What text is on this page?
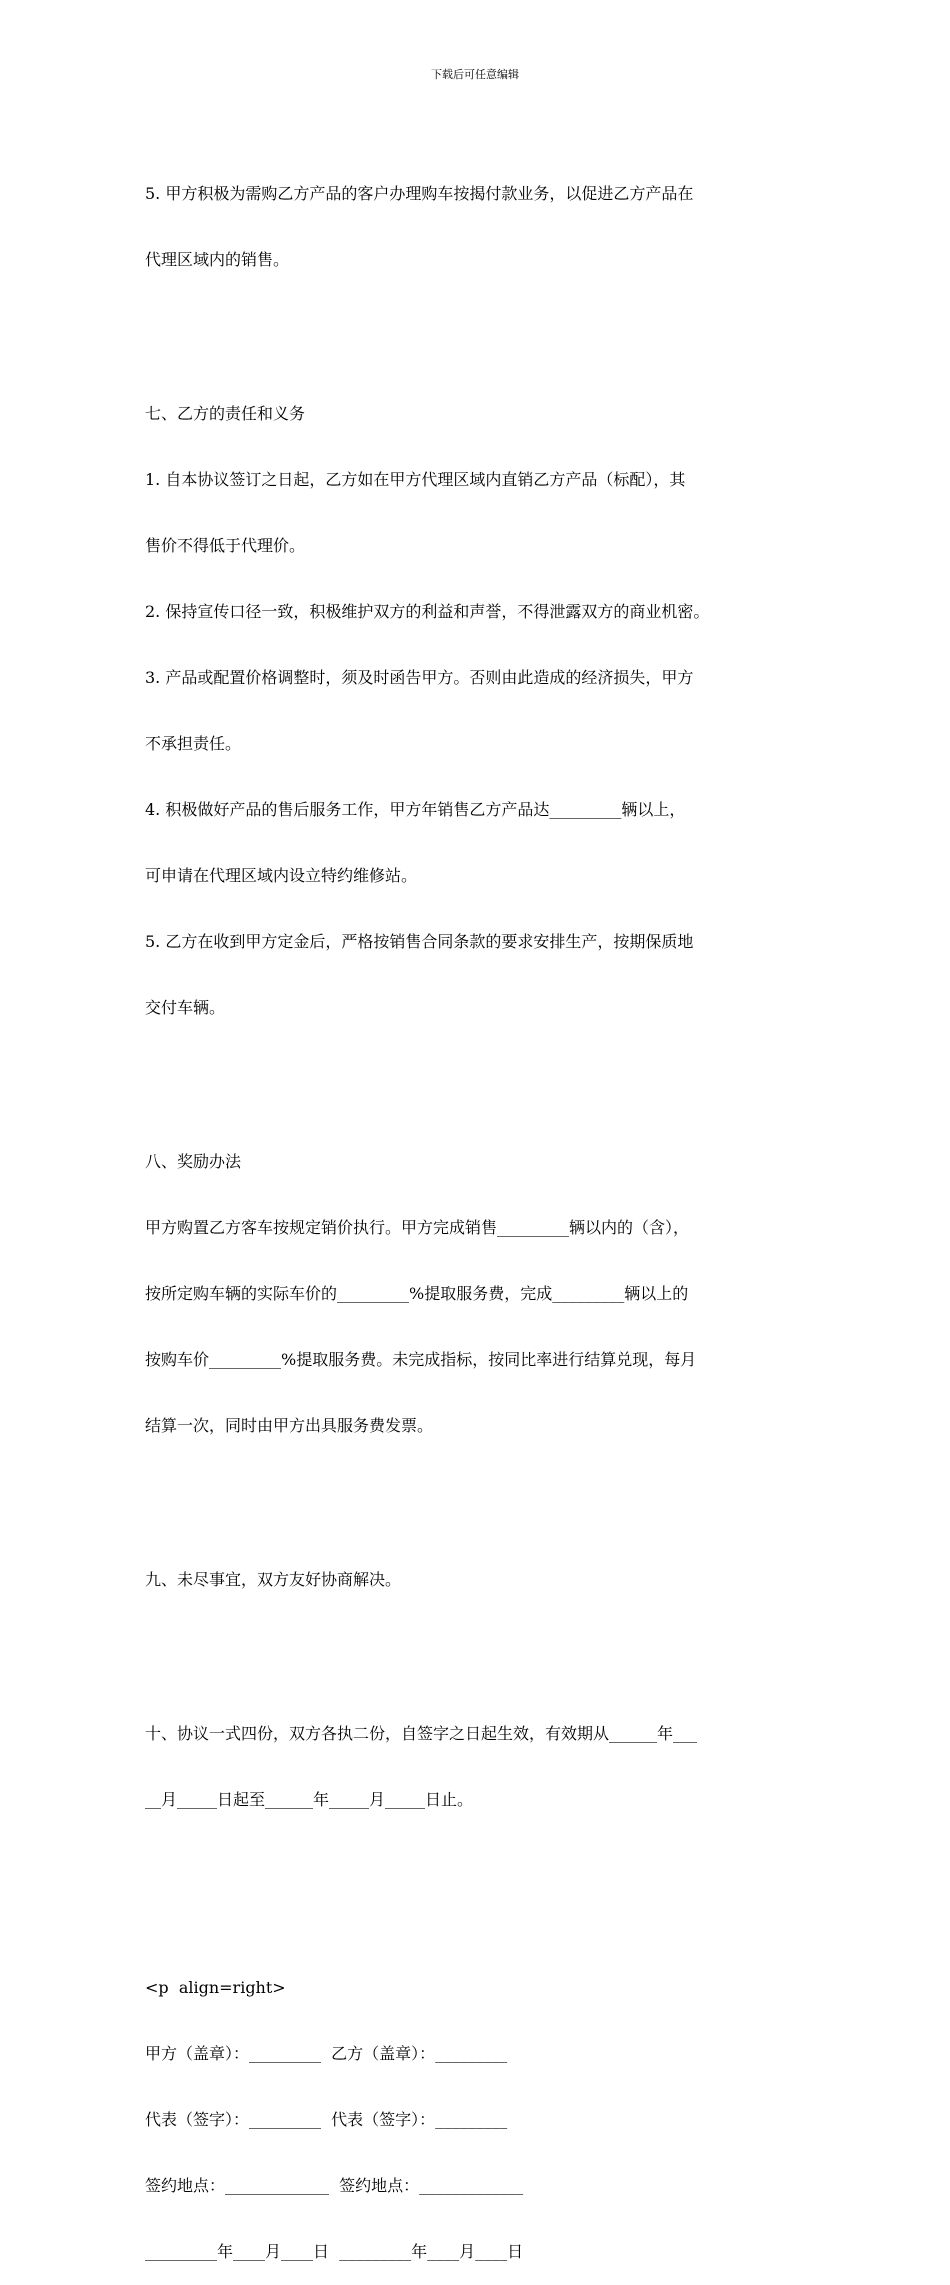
下载后可任意编辑

5. 甲方积极为需购乙方产品的客户办理购车按揭付款业务，以促进乙方产品在

代理区域内的销售。

七、乙方的责任和义务

1. 自本协议签订之日起，乙方如在甲方代理区域内直销乙方产品（标配），其

售价不得低于代理价。

2. 保持宣传口径一致，积极维护双方的利益和声誉，不得泄露双方的商业机密。

3. 产品或配置价格调整时，须及时函告甲方。否则由此造成的经济损失，甲方

不承担责任。

4. 积极做好产品的售后服务工作，甲方年销售乙方产品达_________辆以上，

可申请在代理区域内设立特约维修站。

5. 乙方在收到甲方定金后，严格按销售合同条款的要求安排生产，按期保质地

交付车辆。

八、奖励办法

甲方购置乙方客车按规定销价执行。甲方完成销售_________辆以内的（含），

按所定购车辆的实际车价的_________%提取服务费，完成_________辆以上的

按购车价_________%提取服务费。未完成指标，按同比率进行结算兑现，每月

结算一次，同时由甲方出具服务费发票。

九、未尽事宜，双方友好协商解决。

十、协议一式四份，双方各执二份，自签字之日起生效，有效期从______年___

__月_____日起至______年_____月_____日止。

<p  align=right>

甲方（盖章）：_________  乙方（盖章）：_________

代表（签字）：_________  代表（签字）：_________

签约地点：_____________  签约地点：_____________

_________年____月____日  _________年____月____日
